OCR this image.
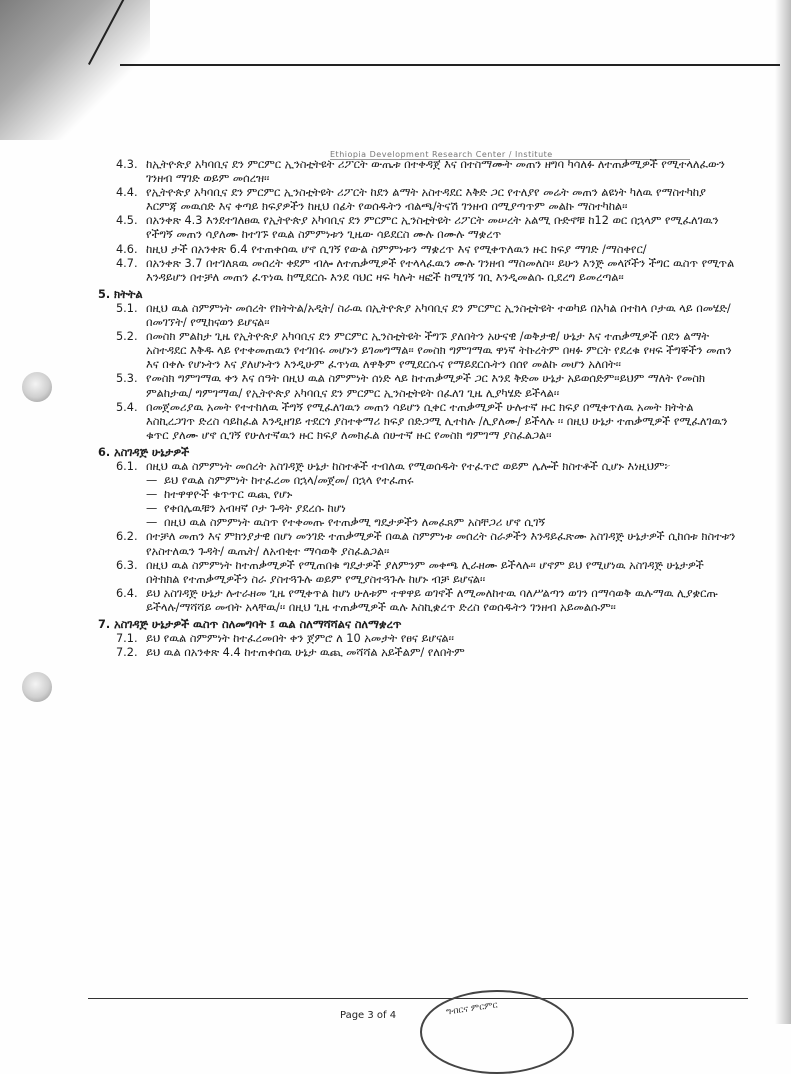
Ethiopia Development Research Center / Institute
4.3. ከኢትዮጵያ አካባቢና ደን ምርምር ኢንስቲትዩት ሪፖርት ውጤቱ በተቀዳጀ እና በተስማሙት መጠን ዘግባ ካሳለፉ ለተጠቃሚዎች የሚተላለፈውን ገንዘብ ማገድ ወይም መሰረዝ፡፡
4.4. የኢትዮጵያ አካባቢና ደን ምርምር ኢንስቲትዩት ሪፖርት ከደን ልማት አስተዳደር እቅድ ጋር የተለያየ መሬት መጠን ልዩነት ካለዉ የማስተካከያ እርምጃ መዉሰድ እና ቀጣይ ክፍያዎችን ከዚህ በፊት የወሰዱትን ብልጫ/ትናሽ ገንዘብ በሚያጣጥም መልኩ ማስተካከል፡፡
4.5. በአንቀጽ 4.3 እንደተገለፀዉ የኢትዮጵያ አካባቢና ደን ምርምር ኢንስቲትዩት ሪፖርት መሠረት አልሚ ቡድኖቹ ከ12 ወር በኋላም የሚፈለገዉን የችግኝ መጠን ሳያለሙ ከተገኙ የዉል ስምምነቱን ጊዜው ሳይደርስ ሙሉ በሙሉ ማቋረጥ
4.6. ከዚህ ታች በአንቀጽ 6.4 የተጠቀሰዉ ሆኖ ሲገኝ የውል ስምምነቱን ማቋረጥ እና የሚቀጥለዉን ዙር ክፍያ ማገድ /ማስቀየር/
4.7. በአንቀጽ 3.7 በተገለጸዉ መሰረት ቀደም ብሎ ለተጠቃሚዎች የተላላፈዉን ሙሉ ገንዘብ ማስመለስ፡፡ ይሁን እንጅ መላሾችን ችግር ዉስጥ የሚጥል እንዳይሆን በተቻለ መጠን ፈጥነዉ ከሚደርሱ እንደ ባህር ዛፍ ካሉት ዛፎች ከሚገኝ ገቢ እንዲመልሱ ቢደረግ ይመረጣል፡፡
5. ክትትል
5.1. በዚህ ዉል ስምምነት መሰረት የክትትል/አዲት/ ስራዉ በኢትዮጵያ አካባቢና ደን ምርምር ኢንስቲትዩት ተወካይ በአካል በተከላ ቦታዉ ላይ በመሄድ/ በመገኘት/ የሚከናወን ይሆናል፡፡
5.2. በመስክ ምልከታ ጊዜ የኢትዮጵያ አካባቢና ደን ምርምር ኢንስቲትዩት ችግኙ ያለበትን አሁናዊ /ወቅታዊ/ ሁኔታ እና ተጠቃሚዎች በደን ልማት አስተዳደር እቅዱ ላይ የተቀመጠዉን የተገበሩ መሆኑን ይገመግማል፡፡ የመስክ ግምገማዉ ዋነኛ ትኩረትም በዛፉ ምርት የደረቁ የዛፍ ችግኞችን መጠን እና በቀሉ የሆኑትን እና ያለሆኑትን እንዲሁም ፈጥነዉ ለዋቅም የሚደርሱና የማይደርሱትን በሰየ መልኩ መሆን አለበት፡፡
5.3. የመስክ ግምገማዉ ቀን እና ሰዓት በዚህ ዉል ስምምነት ሰነድ ላይ ከተጠቃሚዎች ጋር እንደ ቅድመ ሁኔታ አይወሰድም፡፡ይህም ማለት የመስክ ምልከታዉ/ ግምገማዉ/ የኢትዮጵያ አካባቢና ደን ምርምር ኢንስቲትዩት በፈለገ ጊዜ ሊያካሄድ ይችላል፡፡
5.4. በመጀመሪያዉ አመት የተተከለዉ ችግኝ የሚፈለገዉን መጠን ሳይሆን ሲቀር ተጠቃሚዎች ሁሉተኛ ዙር ክፍያ በሚቀጥለዉ አመት ክትትል እስኪረጋገጥ ድረስ ሳይከፈል እንዲዘገይ ተደርጎ ያስተቀማሪ ክፍያ በድጋሚ ሊተከሉ /ሊያለሙ/ ይችላሉ ፡፡ በዚህ ሁኔታ ተጠቃሚዎች የሚፈለገዉን ቁጥር ያለሙ ሆኖ ሲገኝ የሁለተኛዉን ዙር ክፍያ ለመክፈል ሰሁተኛ ዙር የመስክ ግምገማ ያስፈልጋል፡፡
6. አስገዳጅ ሁኔታዎች
6.1. በዚህ ዉል ስምምነት መሰረት አስገዳጅ ሁኔታ ከስተቶች ተብለዉ የሚወሰዱት የተፈጥሮ ወይም ሌሎች ክስተቶች ሲሆኑ እነዚህም፦
— ይህ የዉል ስምምነት ከተፈረመ በኋላ/መጀመ/ በኋላ የተፈጠሩ
— ከተዋዋዮች ቁጥጥር ዉጪ የሆኑ
— የቀበሌዉቹን አብዛኛ ቦታ ጉዳት ያደረሱ ከሆነ
— በዚህ ዉል ስምምነት ዉስጥ የተቀመጡ የተጠቃሚ ግዴታዎችን ለመፈጸም አስቸጋሪ ሆኖ ሲገኝ
6.2. በተቻለ መጠን እና ምክንያታዊ በሆነ መንገድ ተጠቃሚዎች በዉል ስምምነቱ መሰረት ስራዎችን እንዳይፈጽሙ አስገዳጅ ሁኔታዎች ሲከሰቱ ክስተቱን የአስተለዉን ጉዳት/ ዉጤት/ ለአብቂተ ማሳወቅ ያስፈልጋል፡፡
6.3. በዚህ ዉል ስምምነት ከተጠቃሚዎች የሚጠበቁ ግዴታዎች ያለምንም መቀጫ ሊራዘሙ ይችላሉ፡፡ ሆኖም ይህ የሚሆነዉ አስገዳጅ ሁኔታዎች በትክክል የተጠቃሚዎችን ስራ ያስተጓጉሉ ወይም የሚያስተጓጉሉ ከሆኑ ብቻ ይሆናል፡፡
6.4. ይህ አስገዳጅ ሁኔታ ሉተራዘመ ጊዜ የሚቀጥል ከሆነ ሁለቱም ተዋዋይ ወገኖች ለሚመለከተዉ ባለሥልጣን ወገን በማሳወቅ ዉሉማዉ ሊያቋርጡ ይችላሉ/ማሻሻይ መብት አላቸዉ/፡፡ በዚህ ጊዜ ተጠቃሚዎች ዉሉ እስኪቋረጥ ድረስ የወሰዱትን ገንዘብ አይመልሱም፡፡
7. አስገዳጅ ሁኔታዎች ዉስጥ ስለመግባት ፤ ዉል ስለማሻሻልና ስለማቋረጥ
7.1. ይህ የዉል ስምምነት ከተፈረመበት ቀን ጀምሮ ለ 10 አመታት የፀና ይሆናል፡፡
7.2. ይህ ዉል በአንቀጽ 4.4 ከተጠቀሰዉ ሁኔታ ዉጪ መሻሻል አይችልም/ የለበትም
ግብርና ምርምር
Page 3 of 4
